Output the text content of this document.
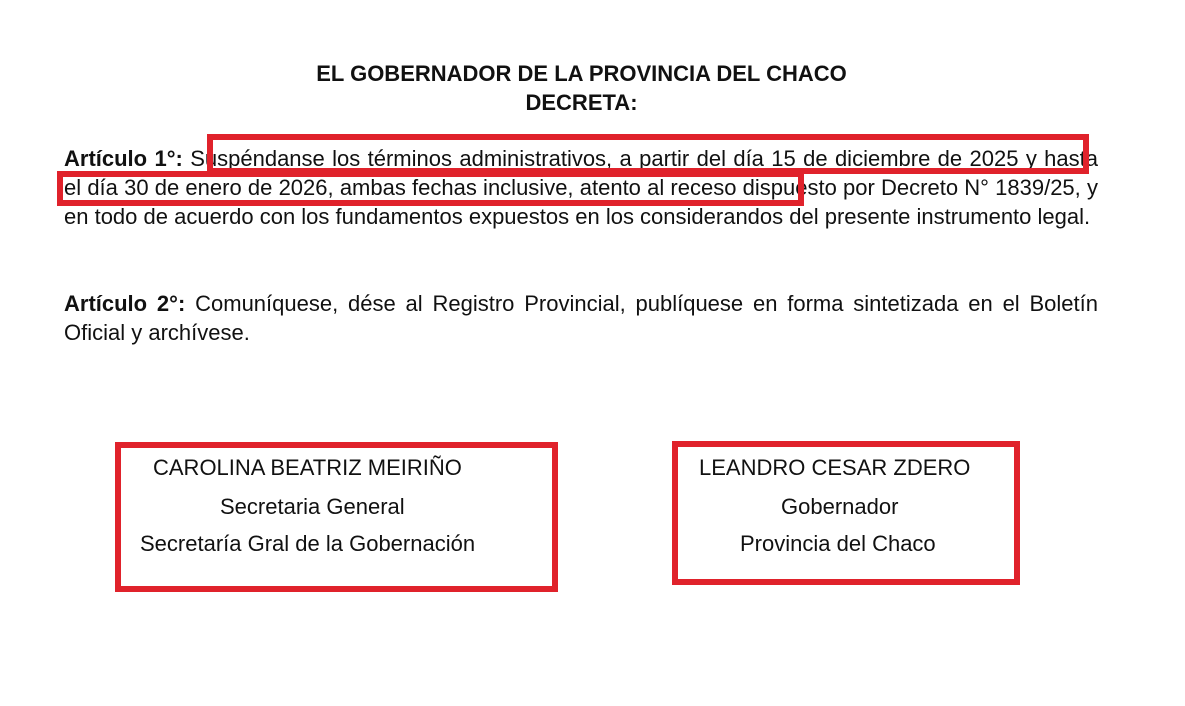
EL GOBERNADOR DE LA PROVINCIA DEL CHACO
DECRETA:
Artículo 1°: Suspéndanse los términos administrativos, a partir del día 15 de diciembre de 2025 y hasta el día 30 de enero de 2026, ambas fechas inclusive, atento al receso dispuesto por Decreto N° 1839/25, y en todo de acuerdo con los fundamentos expuestos en los considerandos del presente instrumento legal.
Artículo 2°: Comuníquese, dése al Registro Provincial, publíquese en forma sintetizada en el Boletín Oficial y archívese.
CAROLINA BEATRIZ MEIRIÑO
Secretaria General
Secretaría Gral de la Gobernación
LEANDRO CESAR ZDERO
Gobernador
Provincia del Chaco
